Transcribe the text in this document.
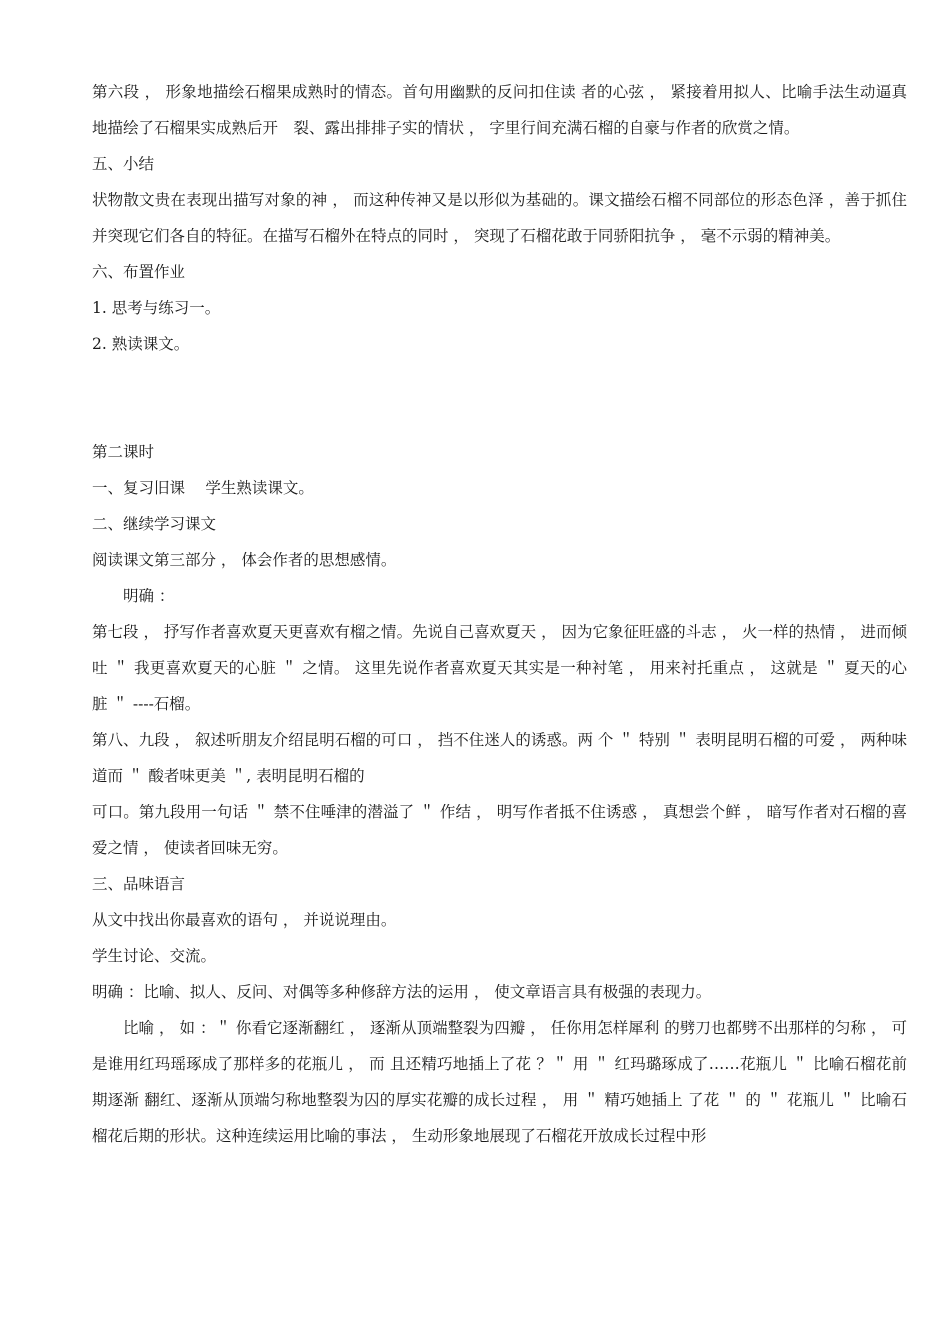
第六段 ， 形象地描绘石榴果成熟时的情态。首句用幽默的反问扣住读 者的心弦 ， 紧接着用拟人、比喻手法生动逼真地描绘了石榴果实成熟后开　裂、露出排排子实的情状 ， 字里行间充满石榴的自豪与作者的欣赏之情。

五、小结

状物散文贵在表现出描写对象的神 ， 而这种传神又是以形似为基础的。课文描绘石榴不同部位的形态色泽 ，善于抓住并突现它们各自的特征。在描写石榴外在特点的同时 ， 突现了石榴花敢于同骄阳抗争 ， 毫不示弱的精神美。

六、布置作业

1. 思考与练习一。

2. 熟读课文。

第二课时

一、复习旧课　 学生熟读课文。

二、继续学习课文

阅读课文第三部分 ， 体会作者的思想感情。

明确 ：

第七段 ， 抒写作者喜欢夏天更喜欢有榴之情。先说自己喜欢夏天 ， 因为它象征旺盛的斗志 ， 火一样的热情 ， 进而倾吐 ＂ 我更喜欢夏天的心脏 ＂ 之情。 这里先说作者喜欢夏天其实是一种衬笔 ， 用来衬托重点 ， 这就是 ＂ 夏天的心 脏 ＂ ----石榴。

第八、九段 ， 叙述听朋友介绍昆明石榴的可口 ， 挡不住迷人的诱惑。两 个 ＂ 特别 ＂ 表明昆明石榴的可爱 ， 两种味道而 ＂ 酸者味更美 ＂, 表明昆明石榴的

可口。第九段用一句话 ＂ 禁不住唾津的潜溢了 ＂ 作结 ， 明写作者抵不住诱惑 ， 真想尝个鲜 ， 暗写作者对石榴的喜爱之情 ， 使读者回味无穷。

三、品味语言

从文中找出你最喜欢的语句 ， 并说说理由。

学生讨论、交流。

明确 ：比喻、拟人、反问、对偶等多种修辞方法的运用 ， 使文章语言具有极强的表现力。

比喻 ， 如 ：＂ 你看它逐渐翻红 ， 逐渐从顶端整裂为四瓣 ， 任你用怎样犀利 的劈刀也都劈不出那样的匀称 ， 可是谁用红玛瑶琢成了那样多的花瓶儿 ， 而 且还精巧地插上了花 ？＂ 用 ＂ 红玛璐琢成了……花瓶儿 ＂ 比喻石榴花前期逐渐 翻红、逐渐从顶端匀称地整裂为囚的厚实花瓣的成长过程 ， 用 ＂ 精巧她插上 了花 ＂ 的 ＂ 花瓶儿 ＂ 比喻石榴花后期的形状。这种连续运用比喻的事法 ， 生动形象地展现了石榴花开放成长过程中形
